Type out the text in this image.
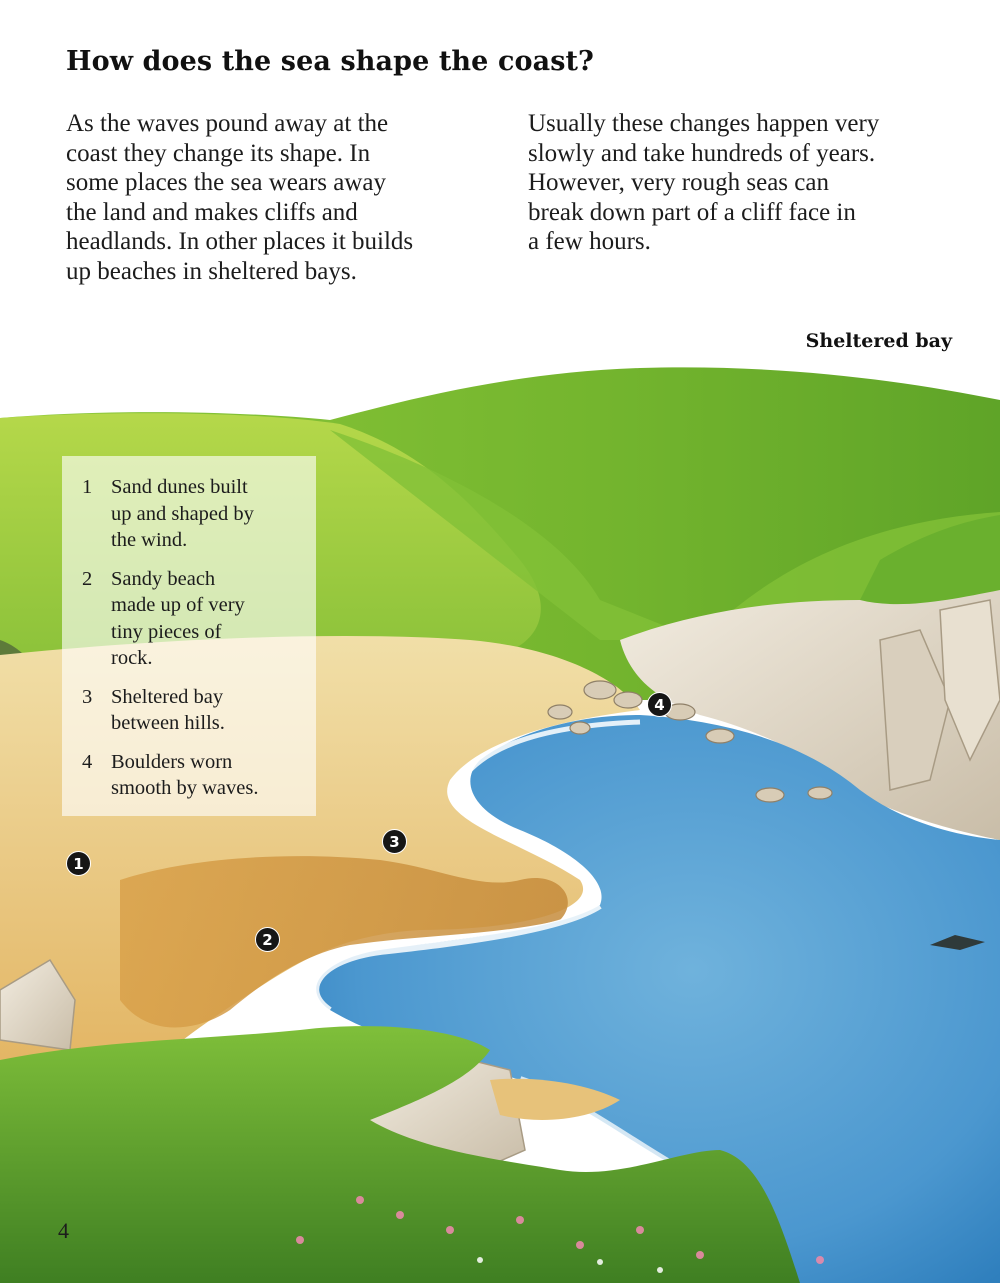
How does the sea shape the coast?

As the waves pound away at the
coast they change its shape. In
some places the sea wears away
the land and makes cliffs and
headlands. In other places it builds
up beaches in sheltered bays.

Usually these changes happen very
slowly and take hundreds of years.
However, very rough seas can
break down part of a cliff face in
a few hours.

Sheltered bay
1 Sand dunes built
up and shaped by
the wind.
2 Sandy beach
made up of very
tiny pieces of
rock.
3 Sheltered bay
between hills.
4 Boulders worn
smooth by waves.
1
2
3
4
4
